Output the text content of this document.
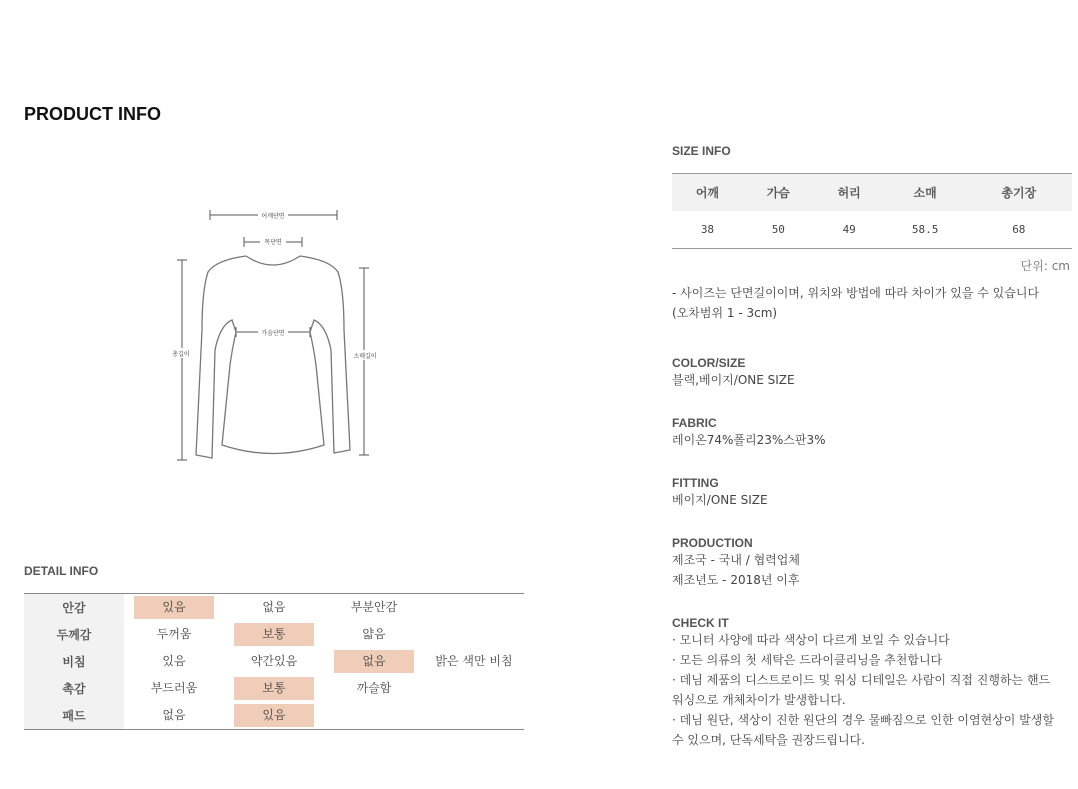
PRODUCT INFO
어깨단면
목단면
가슴단면
총길이	소매길이
DETAIL INFO
안감	있음	없음	부분안감	
두께감	두꺼움	보통	얇음	
비침	있음	약간있음	없음	밝은 색만 비침
촉감	부드러움	보통	까슬함	
패드	없음	있음		
SIZE INFO
어깨	가슴	허리	소매	총기장
38	50	49	58.5	68
단위: cm
- 사이즈는 단면길이이며, 위치와 방법에 따라 차이가 있을 수 있습니다
(오차범위 1 - 3cm)
COLOR/SIZE
블랙,베이지/ONE SIZE
FABRIC
레이온74%폴리23%스판3%
FITTING
베이지/ONE SIZE
PRODUCTION
제조국 - 국내 / 협력업체
제조년도 - 2018년 이후
CHECK IT
· 모니터 사양에 따라 색상이 다르게 보일 수 있습니다
· 모든 의류의 첫 세탁은 드라이클리닝을 추천합니다
· 데님 제품의 디스트로이드 및 워싱 디테일은 사람이 직접 진행하는 핸드
워싱으로 개체차이가 발생합니다.
· 데님 원단, 색상이 진한 원단의 경우 물빠짐으로 인한 이염현상이 발생할
수 있으며, 단독세탁을 권장드립니다.
